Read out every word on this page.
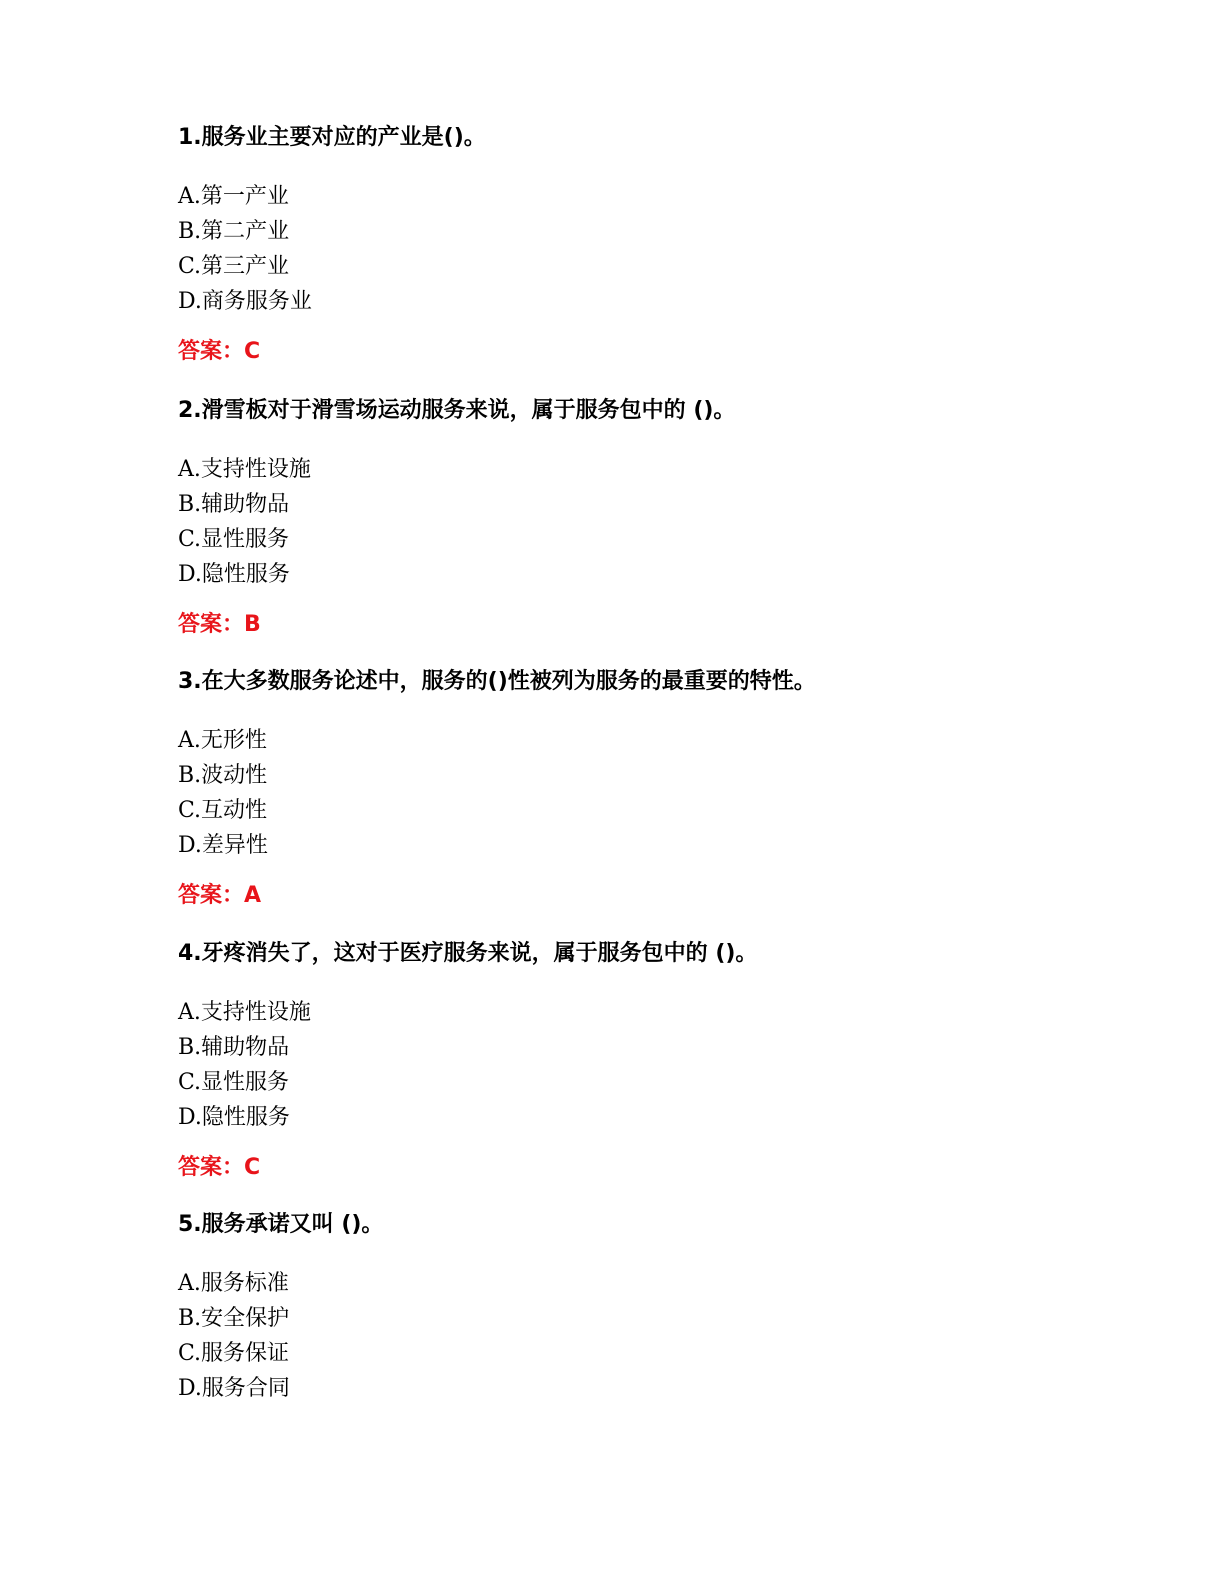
1.服务业主要对应的产业是()。
A.第一产业
B.第二产业
C.第三产业
D.商务服务业
答案：C
2.滑雪板对于滑雪场运动服务来说，属于服务包中的 ()。
A.支持性设施
B.辅助物品
C.显性服务
D.隐性服务
答案：B
3.在大多数服务论述中，服务的()性被列为服务的最重要的特性。
A.无形性
B.波动性
C.互动性
D.差异性
答案：A
4.牙疼消失了，这对于医疗服务来说，属于服务包中的 ()。
A.支持性设施
B.辅助物品
C.显性服务
D.隐性服务
答案：C
5.服务承诺又叫 ()。
A.服务标准
B.安全保护
C.服务保证
D.服务合同
